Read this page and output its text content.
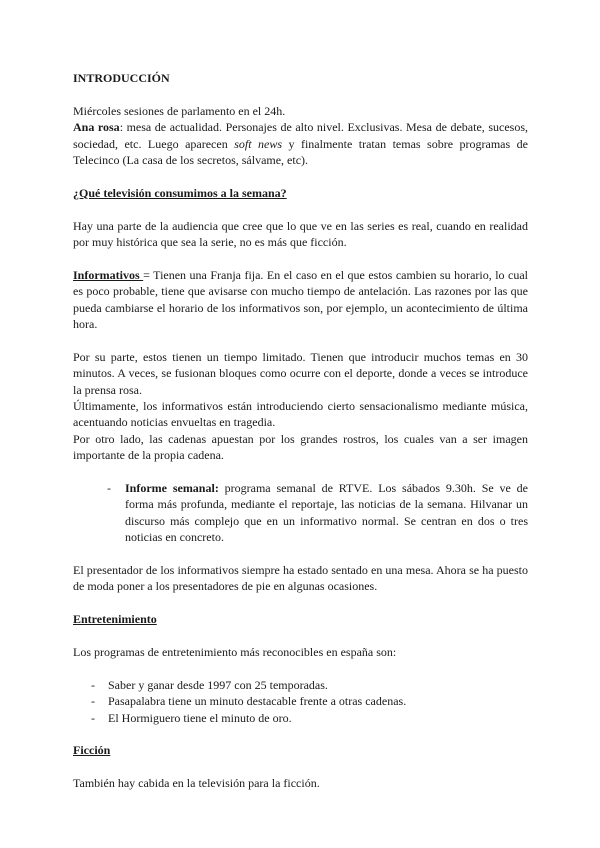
INTRODUCCIÓN

Miércoles sesiones de parlamento en el 24h.

Ana rosa: mesa de actualidad. Personajes de alto nivel. Exclusivas. Mesa de debate, sucesos, sociedad, etc. Luego aparecen soft news y finalmente tratan temas sobre programas de Telecinco (La casa de los secretos, sálvame, etc).

¿Qué televisión consumimos a la semana?

Hay una parte de la audiencia que cree que lo que ve en las series es real, cuando en realidad por muy histórica que sea la serie, no es más que ficción.

Informativos = Tienen una Franja fija. En el caso en el que estos cambien su horario, lo cual es poco probable, tiene que avisarse con mucho tiempo de antelación. Las razones por las que pueda cambiarse el horario de los informativos son, por ejemplo, un acontecimiento de última hora.

Por su parte, estos tienen un tiempo limitado. Tienen que introducir muchos temas en 30 minutos. A veces, se fusionan bloques como ocurre con el deporte, donde a veces se introduce la prensa rosa.

Últimamente, los informativos están introduciendo cierto sensacionalismo mediante música, acentuando noticias envueltas en tragedia.

Por otro lado, las cadenas apuestan por los grandes rostros, los cuales van a ser imagen importante de la propia cadena.

- Informe semanal: programa semanal de RTVE. Los sábados 9.30h. Se ve de forma más profunda, mediante el reportaje, las noticias de la semana. Hilvanar un discurso más complejo que en un informativo normal. Se centran en dos o tres noticias en concreto.

El presentador de los informativos siempre ha estado sentado en una mesa. Ahora se ha puesto de moda poner a los presentadores de pie en algunas ocasiones.

Entretenimiento

Los programas de entretenimiento más reconocibles en españa son:

- Saber y ganar desde 1997 con 25 temporadas.
- Pasapalabra tiene un minuto destacable frente a otras cadenas.
- El Hormiguero tiene el minuto de oro.

Ficción

También hay cabida en la televisión para la ficción.
